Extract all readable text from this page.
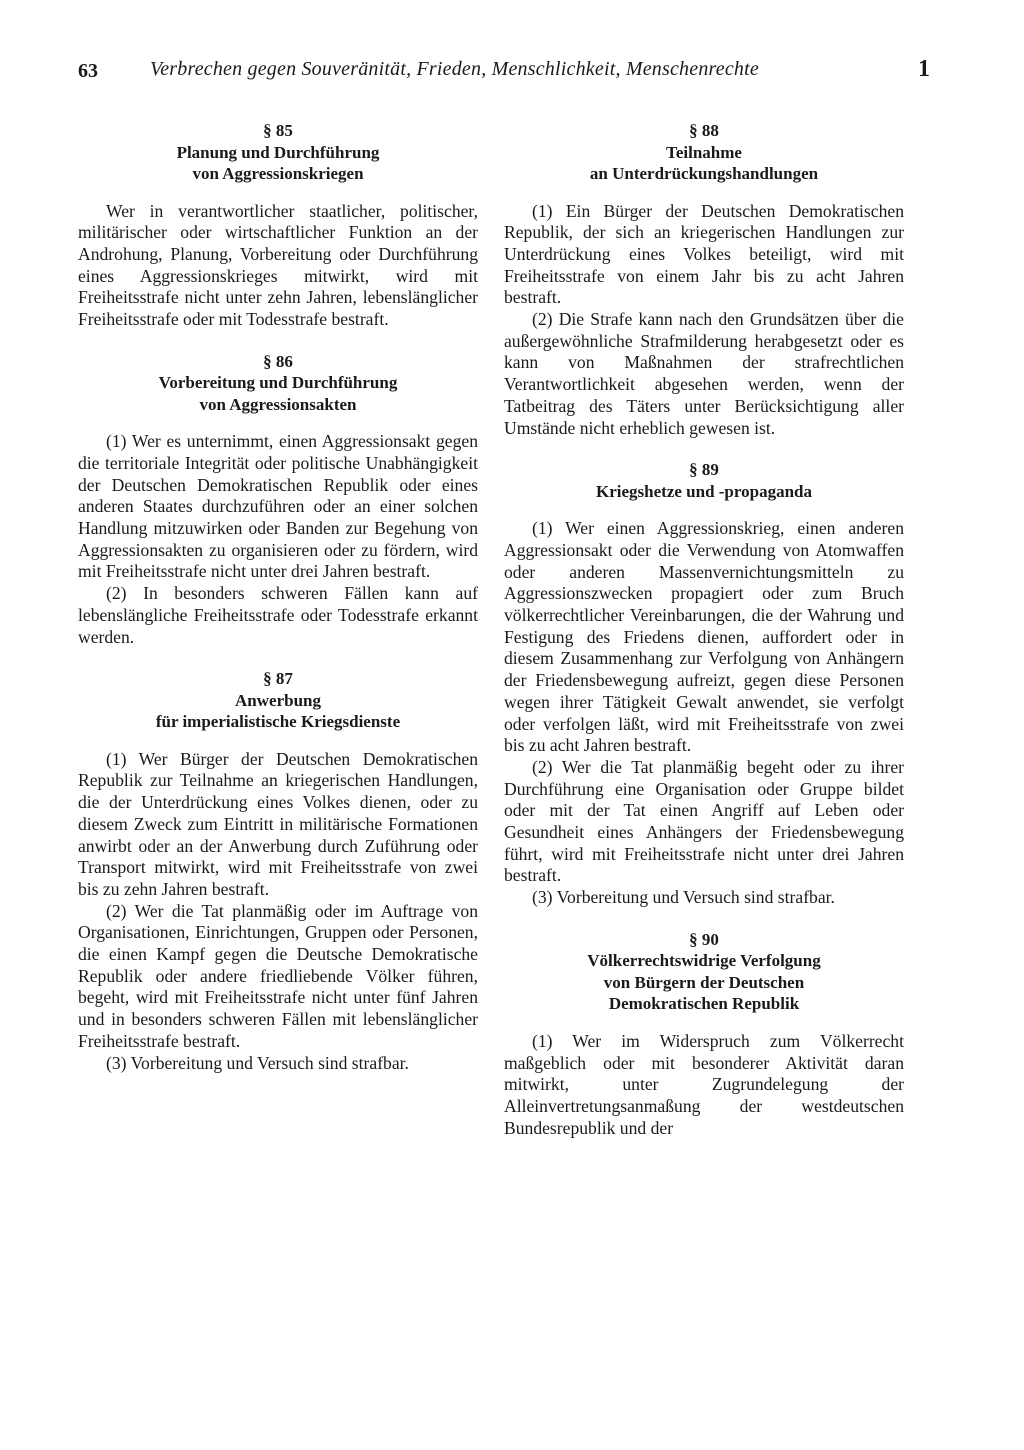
63	Verbrechen gegen Souveränität, Frieden, Menschlichkeit, Menschenrechte	1
§ 85
Planung und Durchführung
von Aggressionskriegen

Wer in verantwortlicher staatlicher, politischer, militärischer oder wirtschaftlicher Funktion an der Androhung, Planung, Vorbereitung oder Durchführung eines Aggressionskrieges mitwirkt, wird mit Freiheitsstrafe nicht unter zehn Jahren, lebenslänglicher Freiheitsstrafe oder mit Todesstrafe bestraft.

§ 86
Vorbereitung und Durchführung
von Aggressionsakten

(1) Wer es unternimmt, einen Aggressionsakt gegen die territoriale Integrität oder politische Unabhängigkeit der Deutschen Demokratischen Republik oder eines anderen Staates durchzuführen oder an einer solchen Handlung mitzuwirken oder Banden zur Begehung von Aggressionsakten zu organisieren oder zu fördern, wird mit Freiheitsstrafe nicht unter drei Jahren bestraft.

(2) In besonders schweren Fällen kann auf lebenslängliche Freiheitsstrafe oder Todesstrafe erkannt werden.

§ 87
Anwerbung
für imperialistische Kriegsdienste

(1) Wer Bürger der Deutschen Demokratischen Republik zur Teilnahme an kriegerischen Handlungen, die der Unterdrückung eines Volkes dienen, oder zu diesem Zweck zum Eintritt in militärische Formationen anwirbt oder an der Anwerbung durch Zuführung oder Transport mitwirkt, wird mit Freiheitsstrafe von zwei bis zu zehn Jahren bestraft.

(2) Wer die Tat planmäßig oder im Auftrage von Organisationen, Einrichtungen, Gruppen oder Personen, die einen Kampf gegen die Deutsche Demokratische Republik oder andere friedliebende Völker führen, begeht, wird mit Freiheitsstrafe nicht unter fünf Jahren und in besonders schweren Fällen mit lebenslänglicher Freiheitsstrafe bestraft.

(3) Vorbereitung und Versuch sind strafbar.

§ 88
Teilnahme
an Unterdrückungshandlungen

(1) Ein Bürger der Deutschen Demokratischen Republik, der sich an kriegerischen Handlungen zur Unterdrückung eines Volkes beteiligt, wird mit Freiheitsstrafe von einem Jahr bis zu acht Jahren bestraft.

(2) Die Strafe kann nach den Grundsätzen über die außergewöhnliche Strafmilderung herabgesetzt oder es kann von Maßnahmen der strafrechtlichen Verantwortlichkeit abgesehen werden, wenn der Tatbeitrag des Täters unter Berücksichtigung aller Umstände nicht erheblich gewesen ist.

§ 89
Kriegshetze und -propaganda

(1) Wer einen Aggressionskrieg, einen anderen Aggressionsakt oder die Verwendung von Atomwaffen oder anderen Massenvernichtungsmitteln zu Aggressionszwecken propagiert oder zum Bruch völkerrechtlicher Vereinbarungen, die der Wahrung und Festigung des Friedens dienen, auffordert oder in diesem Zusammenhang zur Verfolgung von Anhängern der Friedensbewegung aufreizt, gegen diese Personen wegen ihrer Tätigkeit Gewalt anwendet, sie verfolgt oder verfolgen läßt, wird mit Freiheitsstrafe von zwei bis zu acht Jahren bestraft.

(2) Wer die Tat planmäßig begeht oder zu ihrer Durchführung eine Organisation oder Gruppe bildet oder mit der Tat einen Angriff auf Leben oder Gesundheit eines Anhängers der Friedensbewegung führt, wird mit Freiheitsstrafe nicht unter drei Jahren bestraft.

(3) Vorbereitung und Versuch sind strafbar.

§ 90
Völkerrechtswidrige Verfolgung
von Bürgern der Deutschen
Demokratischen Republik

(1) Wer im Widerspruch zum Völkerrecht maßgeblich oder mit besonderer Aktivität daran mitwirkt, unter Zugrundelegung der Alleinvertretungsanmaßung der westdeutschen Bundesrepublik und der
